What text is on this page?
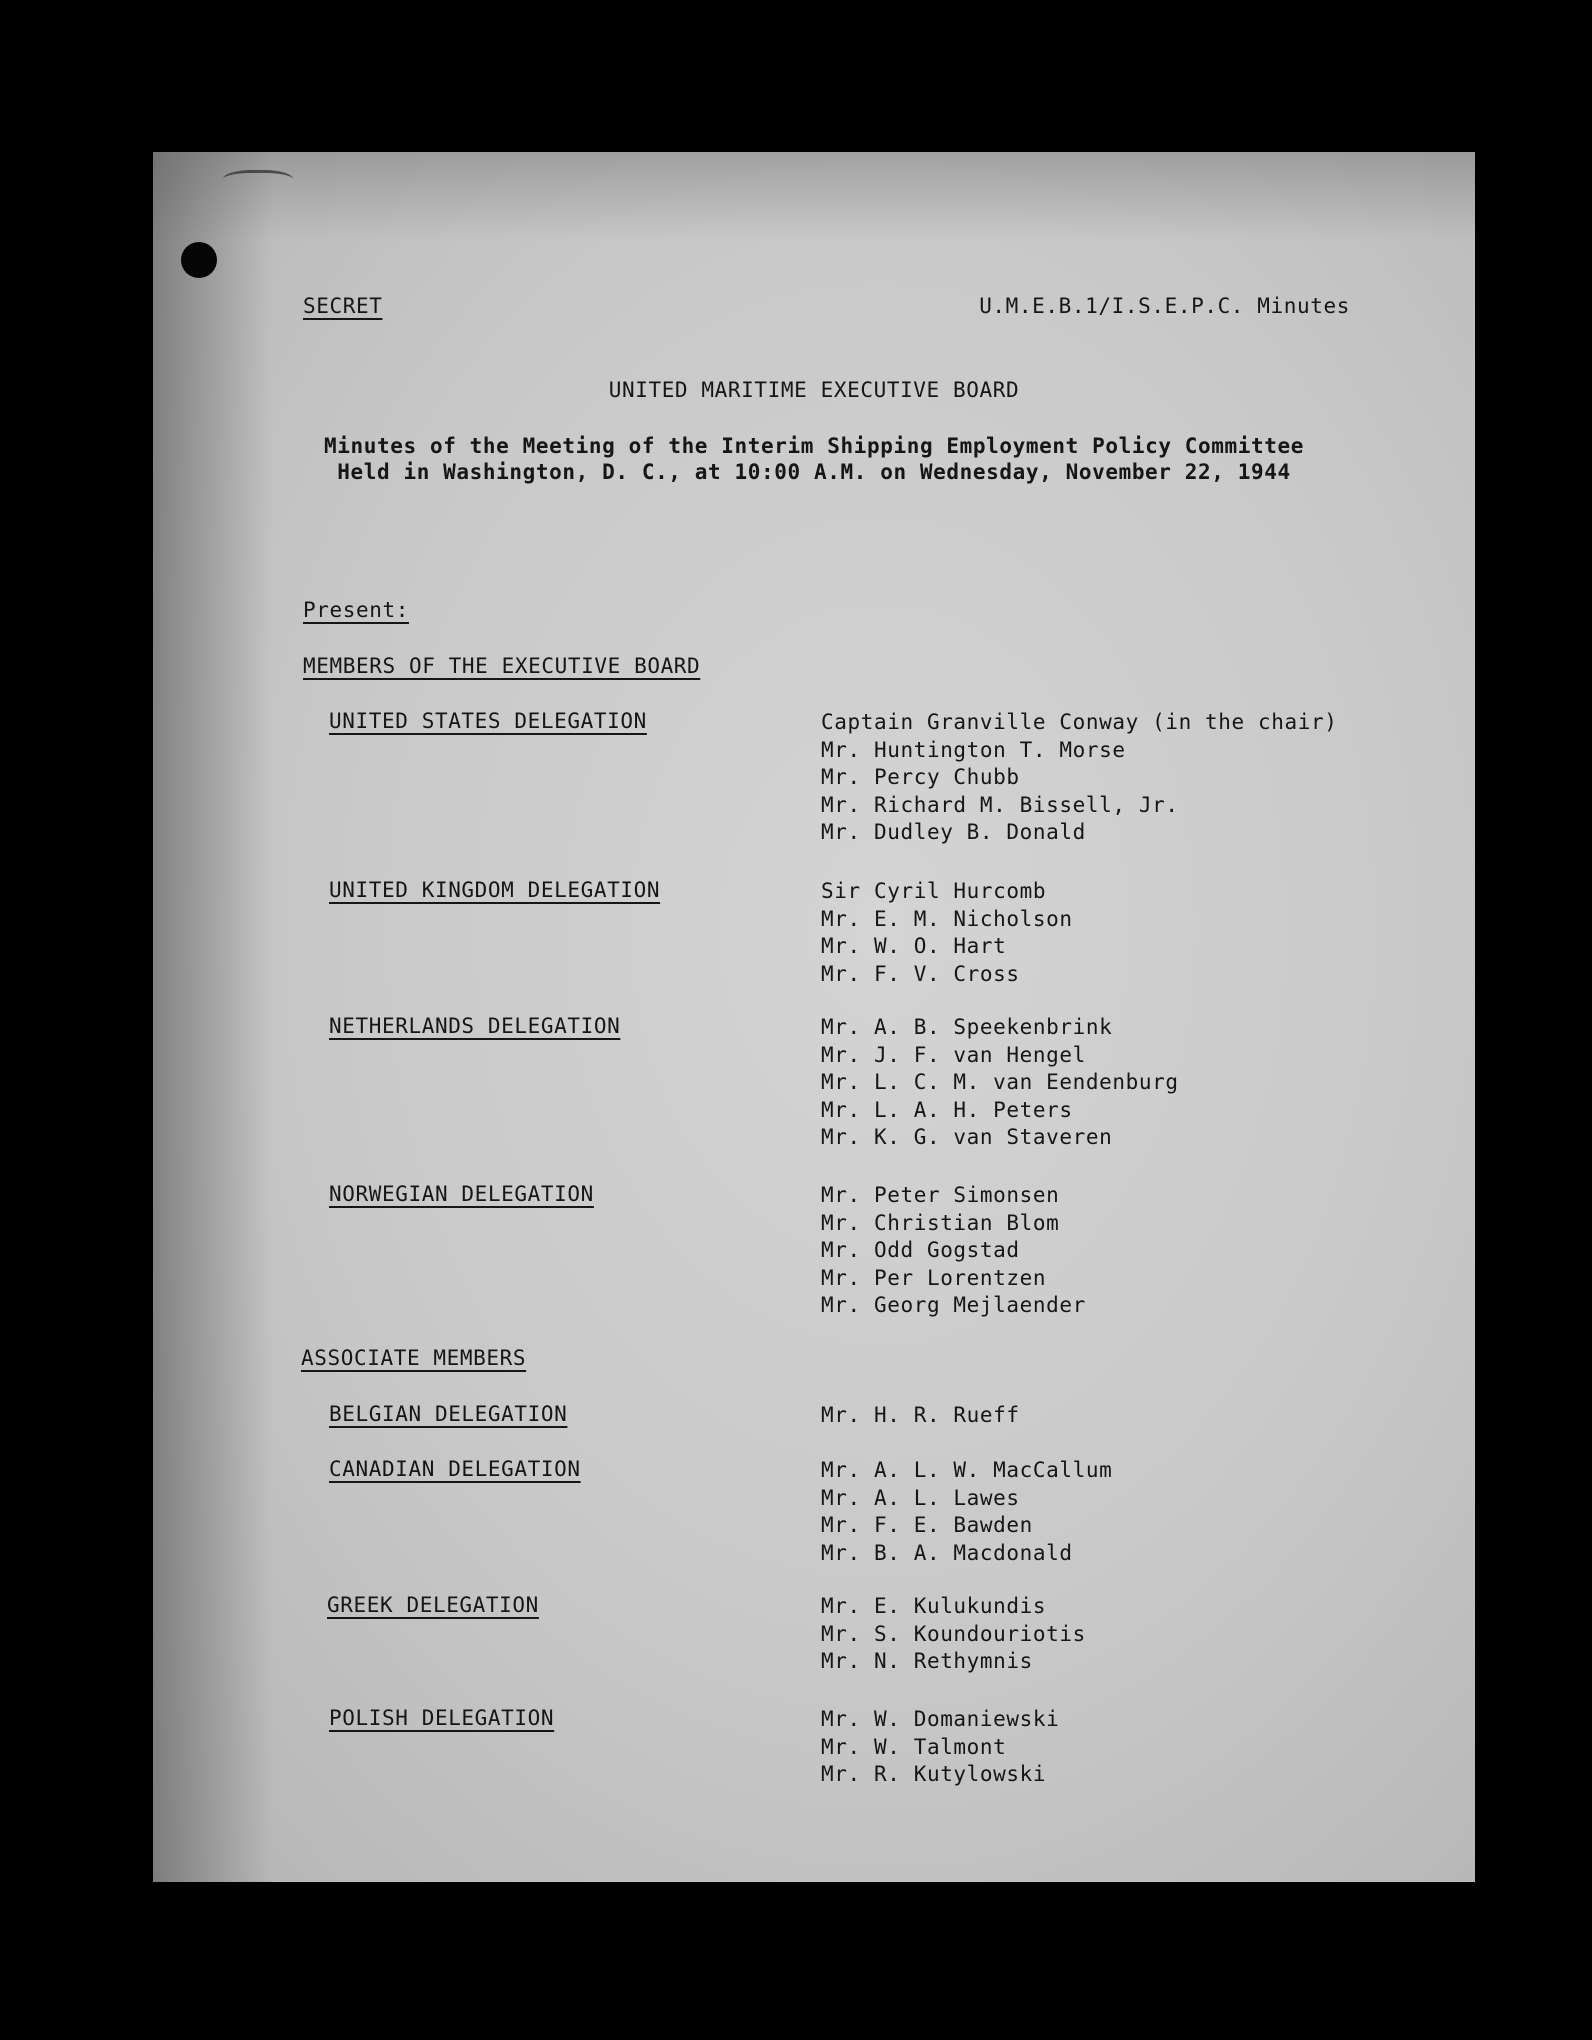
SECRET	U.M.E.B.1/I.S.E.P.C. Minutes
UNITED MARITIME EXECUTIVE BOARD
Minutes of the Meeting of the Interim Shipping Employment Policy Committee
Held in Washington, D. C., at 10:00 A.M. on Wednesday, November 22, 1944
Present:
MEMBERS OF THE EXECUTIVE BOARD
UNITED STATES DELEGATION	Captain Granville Conway (in the chair)
Mr. Huntington T. Morse
Mr. Percy Chubb
Mr. Richard M. Bissell, Jr.
Mr. Dudley B. Donald
UNITED KINGDOM DELEGATION	Sir Cyril Hurcomb
Mr. E. M. Nicholson
Mr. W. O. Hart
Mr. F. V. Cross
NETHERLANDS DELEGATION	Mr. A. B. Speekenbrink
Mr. J. F. van Hengel
Mr. L. C. M. van Eendenburg
Mr. L. A. H. Peters
Mr. K. G. van Staveren
NORWEGIAN DELEGATION	Mr. Peter Simonsen
Mr. Christian Blom
Mr. Odd Gogstad
Mr. Per Lorentzen
Mr. Georg Mejlaender
ASSOCIATE MEMBERS
BELGIAN DELEGATION	Mr. H. R. Rueff
CANADIAN DELEGATION	Mr. A. L. W. MacCallum
Mr. A. L. Lawes
Mr. F. E. Bawden
Mr. B. A. Macdonald
GREEK DELEGATION	Mr. E. Kulukundis
Mr. S. Koundouriotis
Mr. N. Rethymnis
POLISH DELEGATION	Mr. W. Domaniewski
Mr. W. Talmont
Mr. R. Kutylowski
